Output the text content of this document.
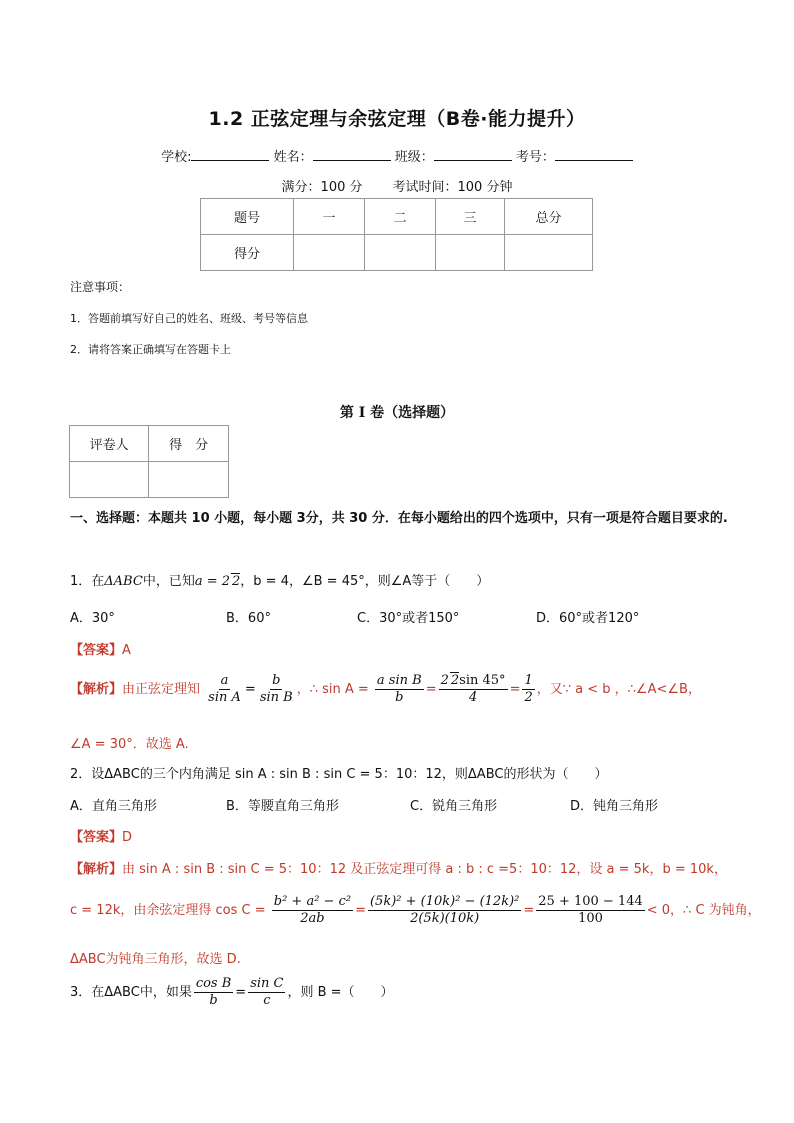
1.2 正弦定理与余弦定理（B卷·能力提升）
学校:	姓名：	班级：	考号：
满分：100 分 考试时间：100 分钟
题号	一	二	三	总分
得分				
注意事项：
1．答题前填写好自己的姓名、班级、考号等信息
2．请将答案正确填写在答题卡上
第 I 卷（选择题）
评卷人	得　分

一、选择题：本题共 10 小题，每小题 3分，共 30 分．在每小题给出的四个选项中，只有一项是符合题目要求的.
1．在ΔABC中，已知a = 2 2，b = 4，∠B = 45°，则∠A等于（　　）
A．30°	B．60°	C．30°或者150°	D．60°或者120°
【答案】A
【解析】由正弦定理知 $\frac{a}{\text{sin A}} = \frac{b}{\text{sin B}}$ ，∴ $\sin A = \frac{\text{a sin B}}{b} = \frac{2 2\sin 45^\circ}{4} = \frac{1}{2}$ ，又∵ a < b ，∴∠A<∠B，
∠A = 30°．故选 A.
2．设ΔABC的三个内角满足 sin A : sin B : sin C = 5：10：12，则ΔABC的形状为（　　）
A．直角三角形	B．等腰直角三角形	C．锐角三角形	D．钝角三角形
【答案】D
【解析】由 sin A : sin B : sin C = 5：10：12 及正弦定理可得 a : b : c =5：10：12，设 a = 5k，b = 10k，
c = 12k，由余弦定理得 $\cos C = \frac{\text{b² + a² − c²}}{2ab} = \frac{\text{(5k)² + (10k)² − (12k)²}}{2(5k)(10k)} = \frac{25 + 100 - 144}{100} < 0$，∴ C 为钝角，
ΔABC为钝角三角形，故选 D.
3．在ΔABC中，如果 $\frac{\text{cos B}}{b} = \frac{\text{sin C}}{c}$ ，则 B =（　　）
